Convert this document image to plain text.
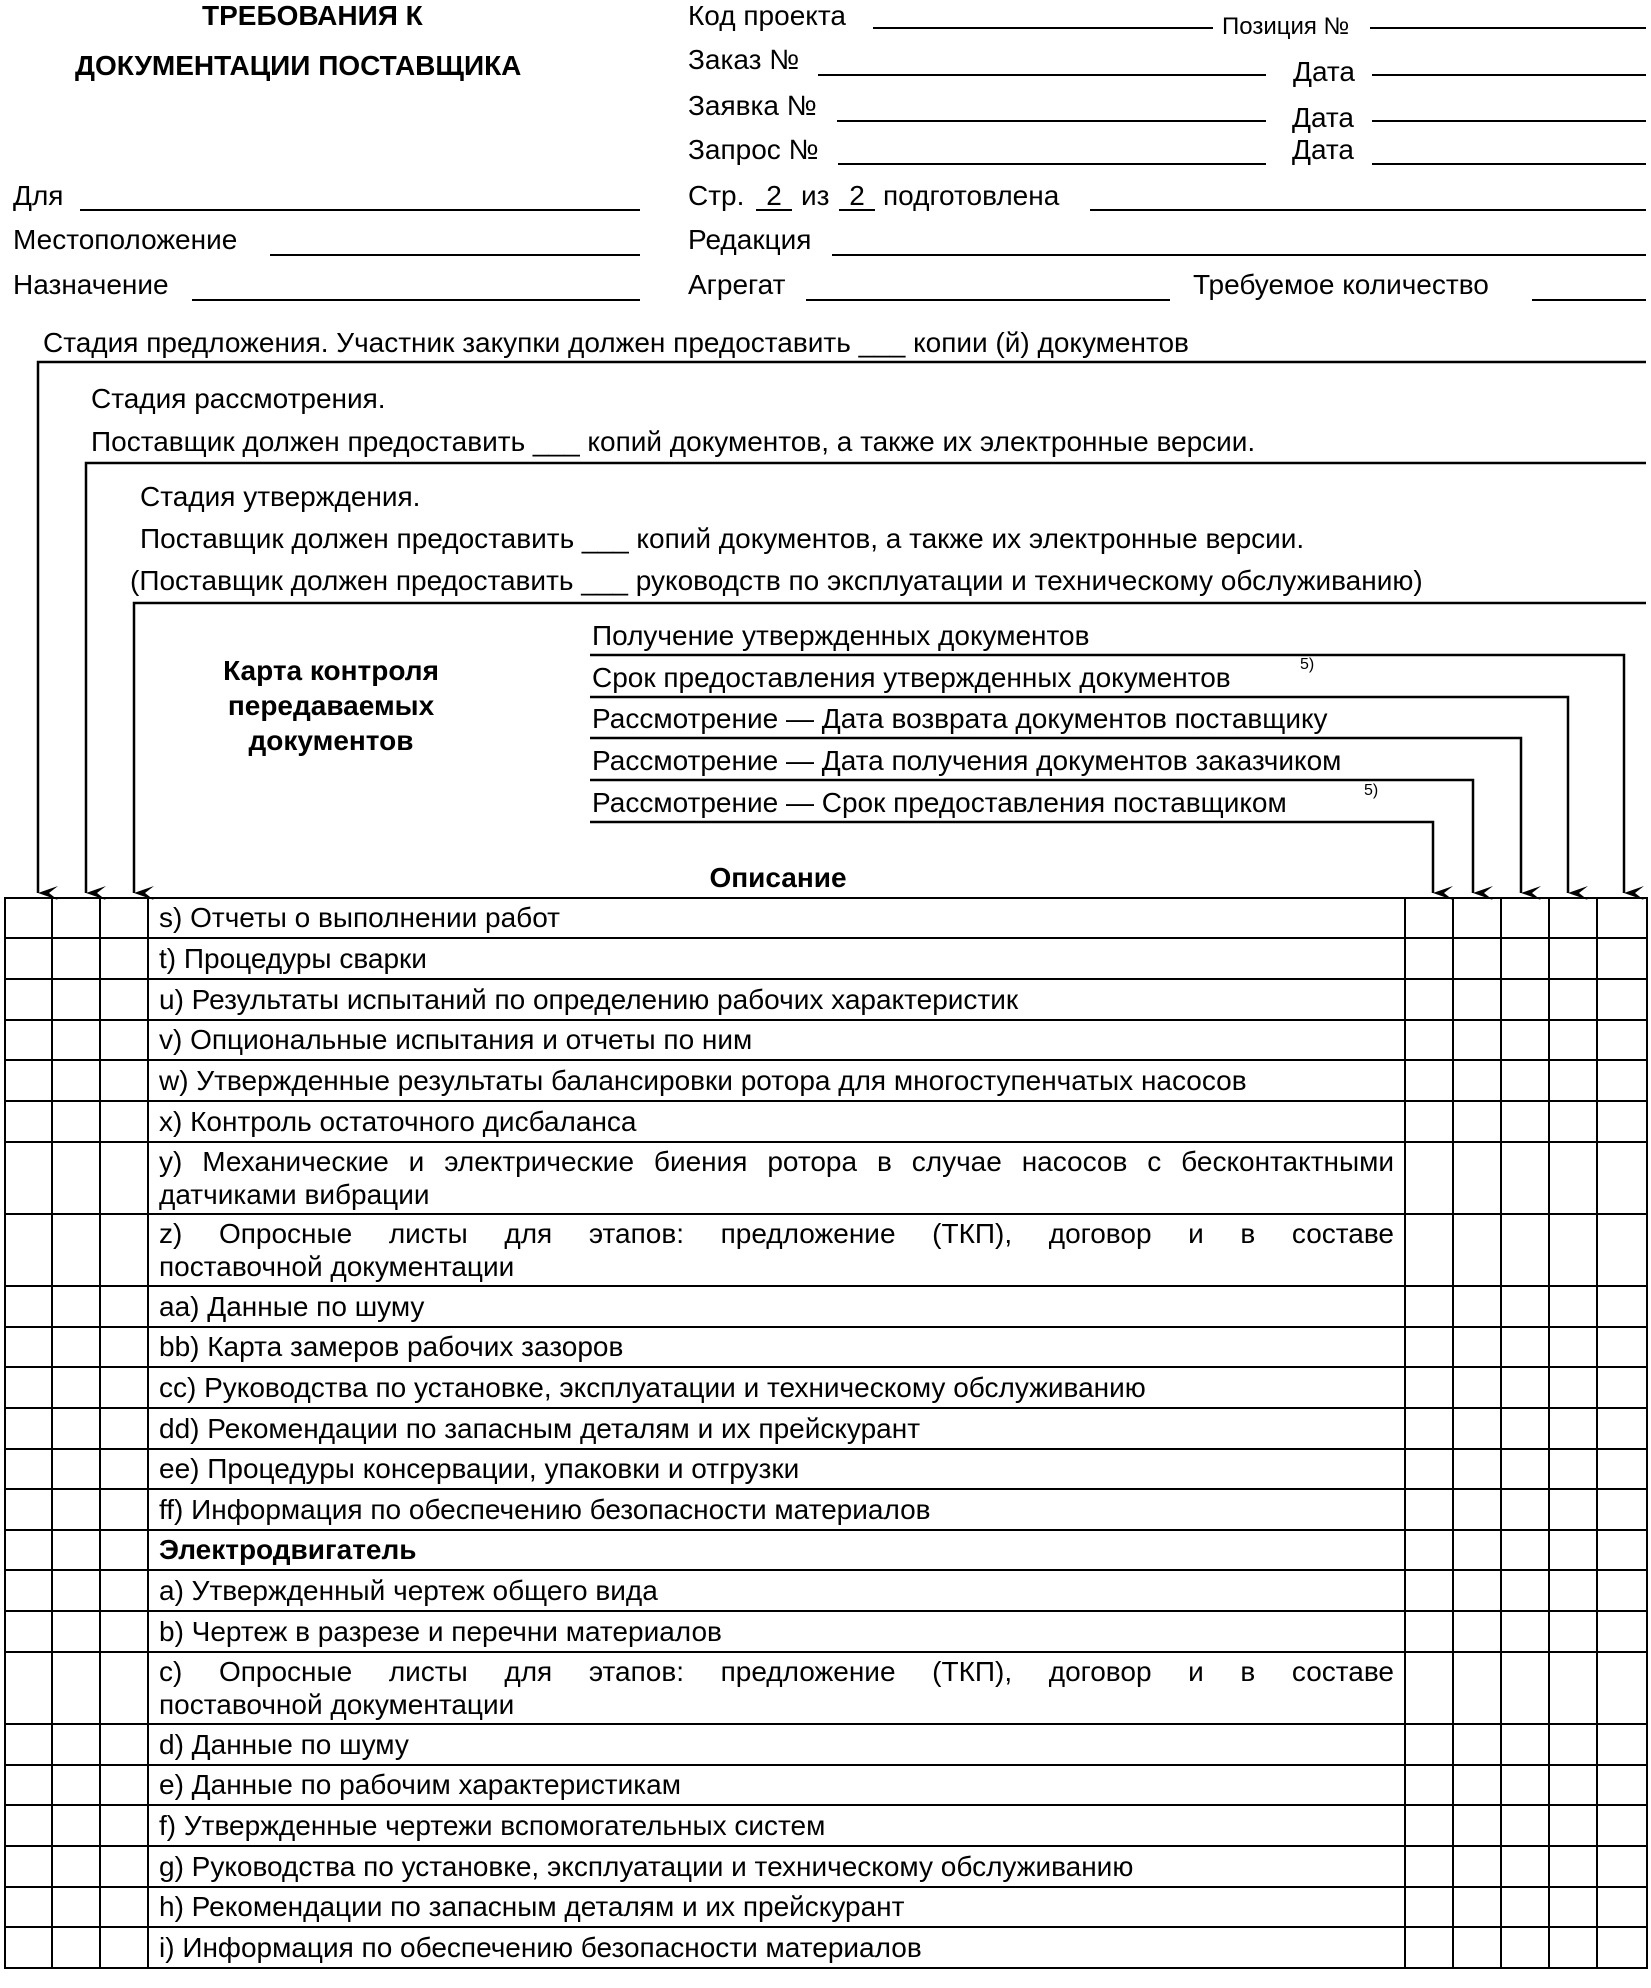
ТРЕБОВАНИЯ К
ДОКУМЕНТАЦИИ ПОСТАВЩИКА
Код проекта	Позиция №
Заказ №	Дата
Заявка №	Дата
Запрос №	Дата
Для	Стр. 2 из 2 подготовлена
Местоположение	Редакция
Назначение	Агрегат	Требуемое количество
Стадия предложения. Участник закупки должен предоставить ___ копии (й) документов
Стадия рассмотрения.
Поставщик должен предоставить ___ копий документов, а также их электронные версии.
Стадия утверждения.
Поставщик должен предоставить ___ копий документов, а также их электронные версии.
(Поставщик должен предоставить ___ руководств по эксплуатации и техническому обслуживанию)
Карта контроля
передаваемых
документов
Получение утвержденных документов
Срок предоставления утвержденных документов	5)
Рассмотрение — Дата возврата документов поставщику
Рассмотрение — Дата получения документов заказчиком
Рассмотрение — Срок предоставления поставщиком	5)

			s) Отчеты о выполнении работ					

			t) Процедуры сварки					

			u) Результаты испытаний по определению рабочих характеристик					

			v) Опциональные испытания и отчеты по ним					

			w) Утвержденные результаты балансировки ротора для многоступенчатых насосов					

			x) Контроль остаточного дисбаланса					

			y) Механические и электрические биения ротора в случае насосов с бесконтактными
датчиками вибрации					

			z) Опросные листы для этапов: предложение (ТКП), договор и в составе
поставочной документации					

			aa) Данные по шуму					

			bb) Карта замеров рабочих зазоров					

			cc) Руководства по установке, эксплуатации и техническому обслуживанию					

			dd) Рекомендации по запасным деталям и их прейскурант					

			ee) Процедуры консервации, упаковки и отгрузки					

			ff) Информация по обеспечению безопасности материалов					

			Электродвигатель					

			a) Утвержденный чертеж общего вида					

			b) Чертеж в разрезе и перечни материалов					

			c) Опросные листы для этапов: предложение (ТКП), договор и в составе
поставочной документации					

			d) Данные по шуму					

			e) Данные по рабочим характеристикам					

			f) Утвержденные чертежи вспомогательных систем					

			g) Руководства по установке, эксплуатации и техническому обслуживанию					

			h) Рекомендации по запасным деталям и их прейскурант					

			i) Информация по обеспечению безопасности материалов					

Описание
